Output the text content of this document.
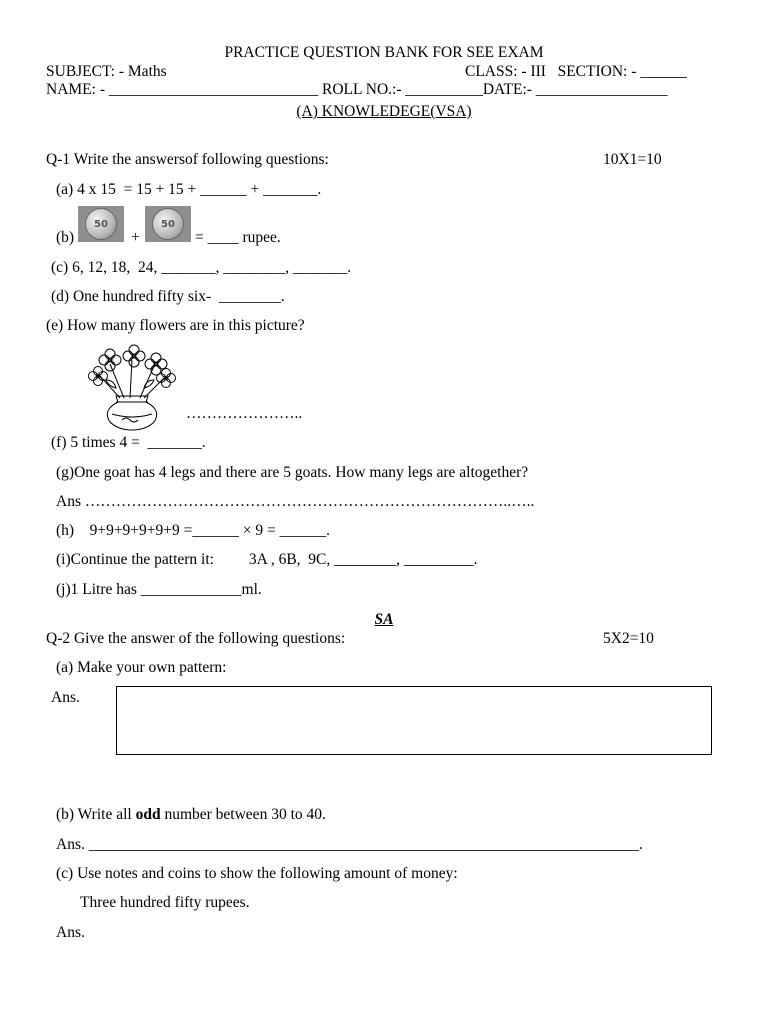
PRACTICE QUESTION BANK FOR SEE EXAM
SUBJECT: - Maths	CLASS: - III   SECTION: - ______
NAME: - ___________________________ ROLL NO.:- __________DATE:- _________________
(A) KNOWLEDEGE(VSA)
Q-1 Write the answersof following questions:	10X1=10
(a) 4 x 15  = 15 + 15 + ______ + _______.
(b)
50
+
50
= ____ rupee.
(c) 6, 12, 18,  24, _______, ________, _______.
(d) One hundred fifty six-  ________.
(e) How many flowers are in this picture?
…………………..
(f) 5 times 4 =  _______.
(g)One goat has 4 legs and there are 5 goats. How many legs are altogether?
Ans ………………………………………………………………………..…..
(h)    9+9+9+9+9+9 =______ × 9 = ______.
(i)Continue the pattern it:         3A , 6B,  9C, ________, _________.
(j)1 Litre has _____________ml.
SA
Q-2 Give the answer of the following questions:	5X2=10
(a) Make your own pattern:
Ans.
(b) Write all odd number between 30 to 40.
Ans. _______________________________________________________________________.
(c) Use notes and coins to show the following amount of money:
Three hundred fifty rupees.
Ans.
